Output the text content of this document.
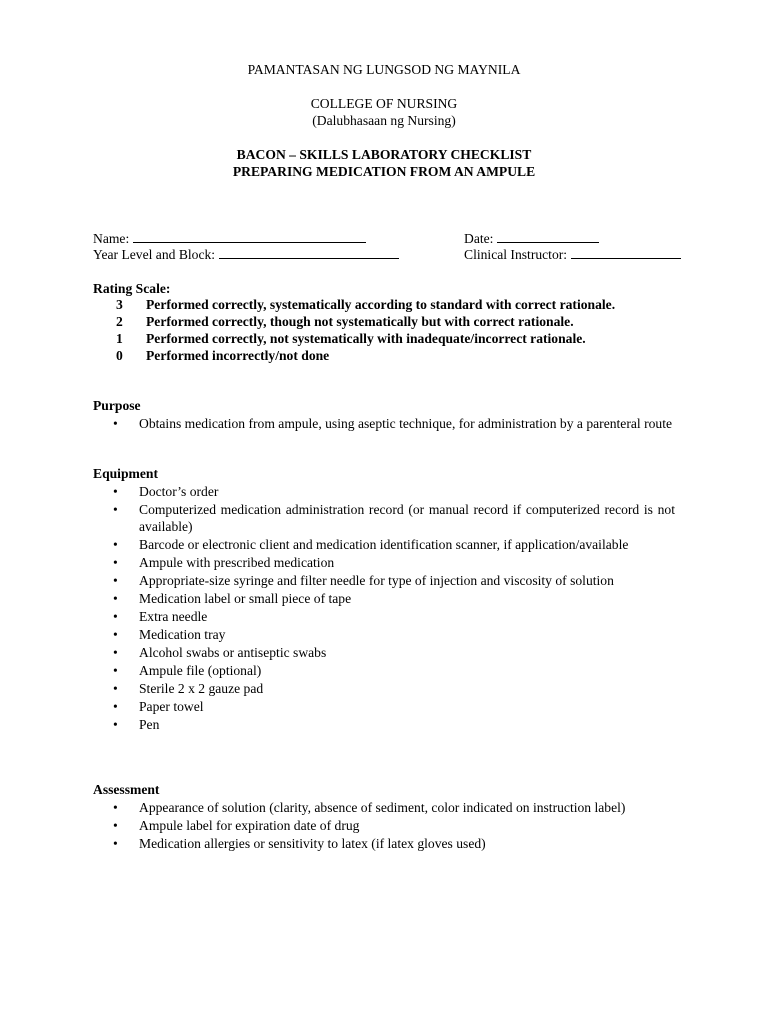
PAMANTASAN NG LUNGSOD NG MAYNILA
COLLEGE OF NURSING
(Dalubhasaan ng Nursing)
BACON – SKILLS LABORATORY CHECKLIST
PREPARING MEDICATION FROM AN AMPULE
Name:	Date:
Year Level and Block:	Clinical Instructor:
Rating Scale:
3 Performed correctly, systematically according to standard with correct rationale.
2 Performed correctly, though not systematically but with correct rationale.
1 Performed correctly, not systematically with inadequate/incorrect rationale.
0 Performed incorrectly/not done
Purpose
• Obtains medication from ampule, using aseptic technique, for administration by a parenteral route
Equipment
• Doctor’s order
• Computerized medication administration record (or manual record if computerized record is not available)
• Barcode or electronic client and medication identification scanner, if application/available
• Ampule with prescribed medication
• Appropriate-size syringe and filter needle for type of injection and viscosity of solution
• Medication label or small piece of tape
• Extra needle
• Medication tray
• Alcohol swabs or antiseptic swabs
• Ampule file (optional)
• Sterile 2 x 2 gauze pad
• Paper towel
• Pen
Assessment
• Appearance of solution (clarity, absence of sediment, color indicated on instruction label)
• Ampule label for expiration date of drug
• Medication allergies or sensitivity to latex (if latex gloves used)
